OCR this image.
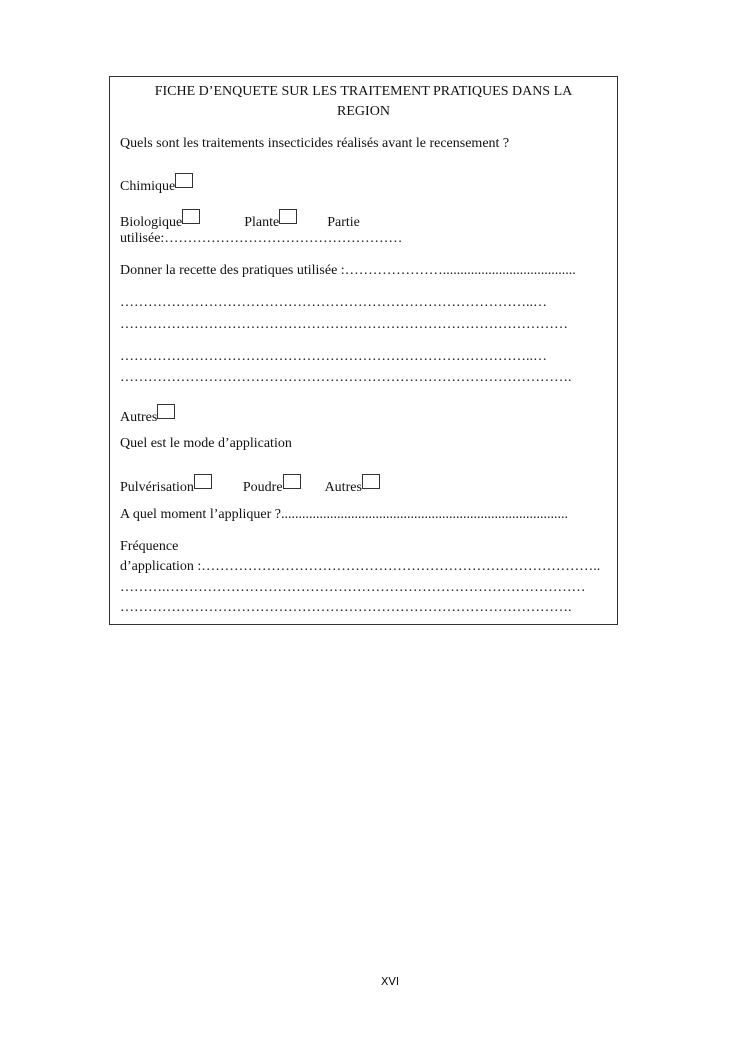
FICHE D’ENQUETE SUR LES TRAITEMENT PRATIQUES DANS LA
REGION
Quels sont les traitements insecticides réalisés avant le recensement ?
Chimique
Biologique	Plante	Partie
utilisée:……………………………………………
Donner la recette des pratiques utilisée :…………………......................................
……………………………………………………………………………..…
……………………………………………………………………………………
……………………………………………………………………………..…
…………………………………………………………………………………….
Autres
Quel est le mode d’application
Pulvérisation	Poudre	Autres
A quel moment l’appliquer ?..................................................................................
Fréquence
d’application :…………………………………………………………………………..
……….………………………………………………………………………………
…………………………………………………………………………………….
XVI
